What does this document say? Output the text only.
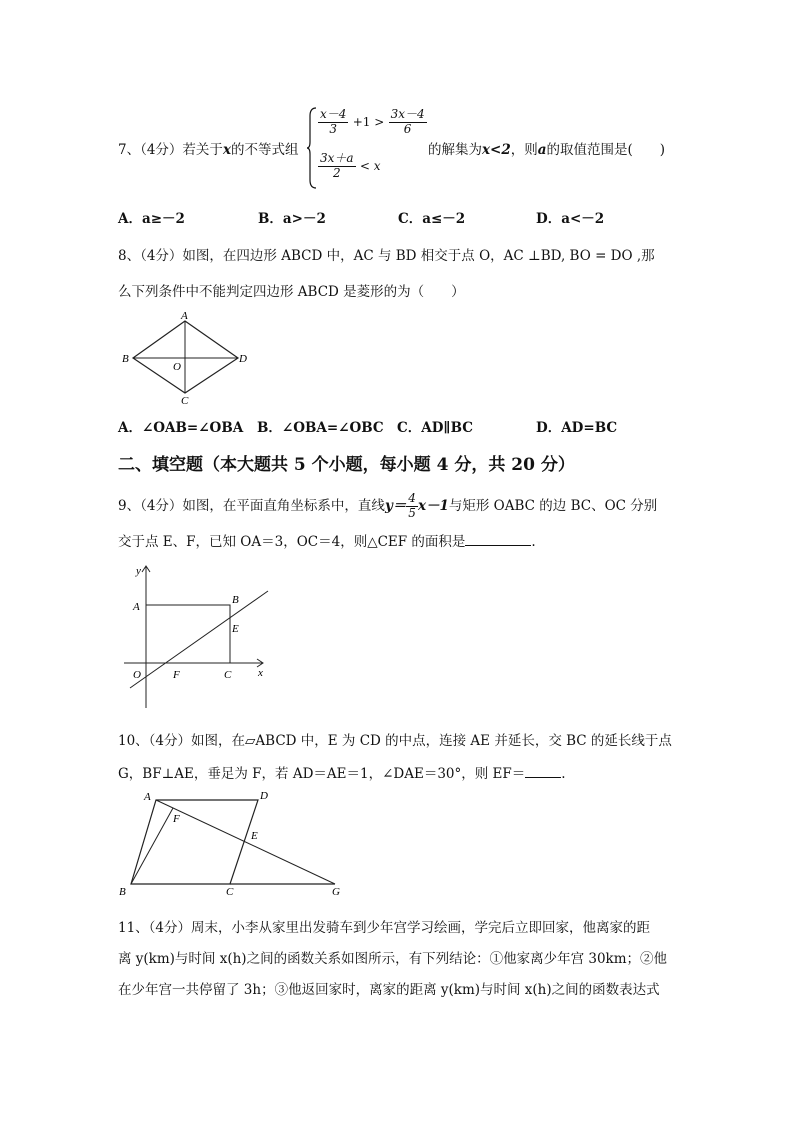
7、（4分）若关于x的不等式组
$\frac{x-4}{3} +1 > \frac{3x-4}{6}$
$\frac{3x+a}{2} < x$
的解集为x<2，则a的取值范围是(　　)
A．a≥－2	B．a>－2	C．a≤－2	D．a<－2
8、（4分）如图，在四边形 ABCD 中，AC 与 BD 相交于点 O，AC ⊥BD, BO = DO ,那
么下列条件中不能判定四边形 ABCD 是菱形的为（　　）
A
B
O
D
C
A．∠OAB=∠OBA B．∠OBA=∠OBC C．AD∥BC	D．AD=BC
二、填空题（本大题共 5 个小题，每小题 4 分，共 20 分）
9、（4分）如图，在平面直角坐标系中，直线$y= \frac{4}{5} x-1$与矩形 OABC 的边 BC、OC 分别
交于点 E、F，已知 OA＝3，OC＝4，则△CEF 的面积是	.
y
A
B
E
O	F	C x
10、（4分）如图，在▱ABCD 中，E 为 CD 的中点，连接 AE 并延长，交 BC 的延长线于点
G，BF⊥AE，垂足为 F，若 AD＝AE＝1，∠DAE＝30°，则 EF＝	.
A	D
F
E
B	C	G
11、（4分）周末，小李从家里出发骑车到少年宫学习绘画，学完后立即回家，他离家的距
离 y(km)与时间 x(h)之间的函数关系如图所示，有下列结论：①他家离少年宫 30km；②他
在少年宫一共停留了 3h；③他返回家时，离家的距离 y(km)与时间 x(h)之间的函数表达式
